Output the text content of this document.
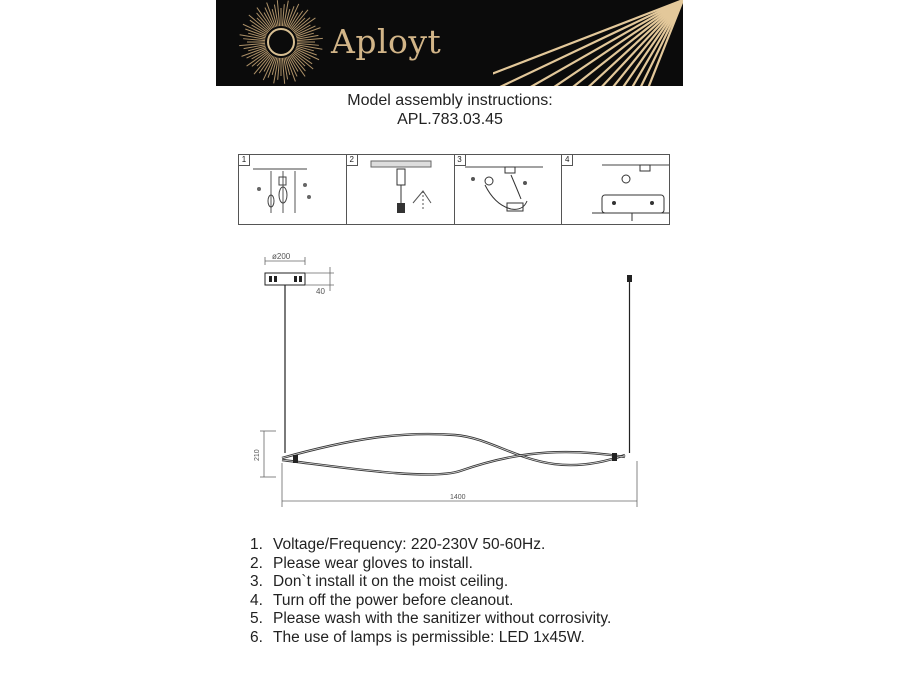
Aployt
Model assembly instructions:
APL.783.03.45
1	2	3	4
ø200
40
210
1400
1. Voltage/Frequency: 220-230V 50-60Hz.
2. Please wear gloves to install.
3. Don`t install it on the moist ceiling.
4. Turn off the power before cleanout.
5. Please wash with the sanitizer without corrosivity.
6. The use of lamps is permissible: LED 1x45W.
